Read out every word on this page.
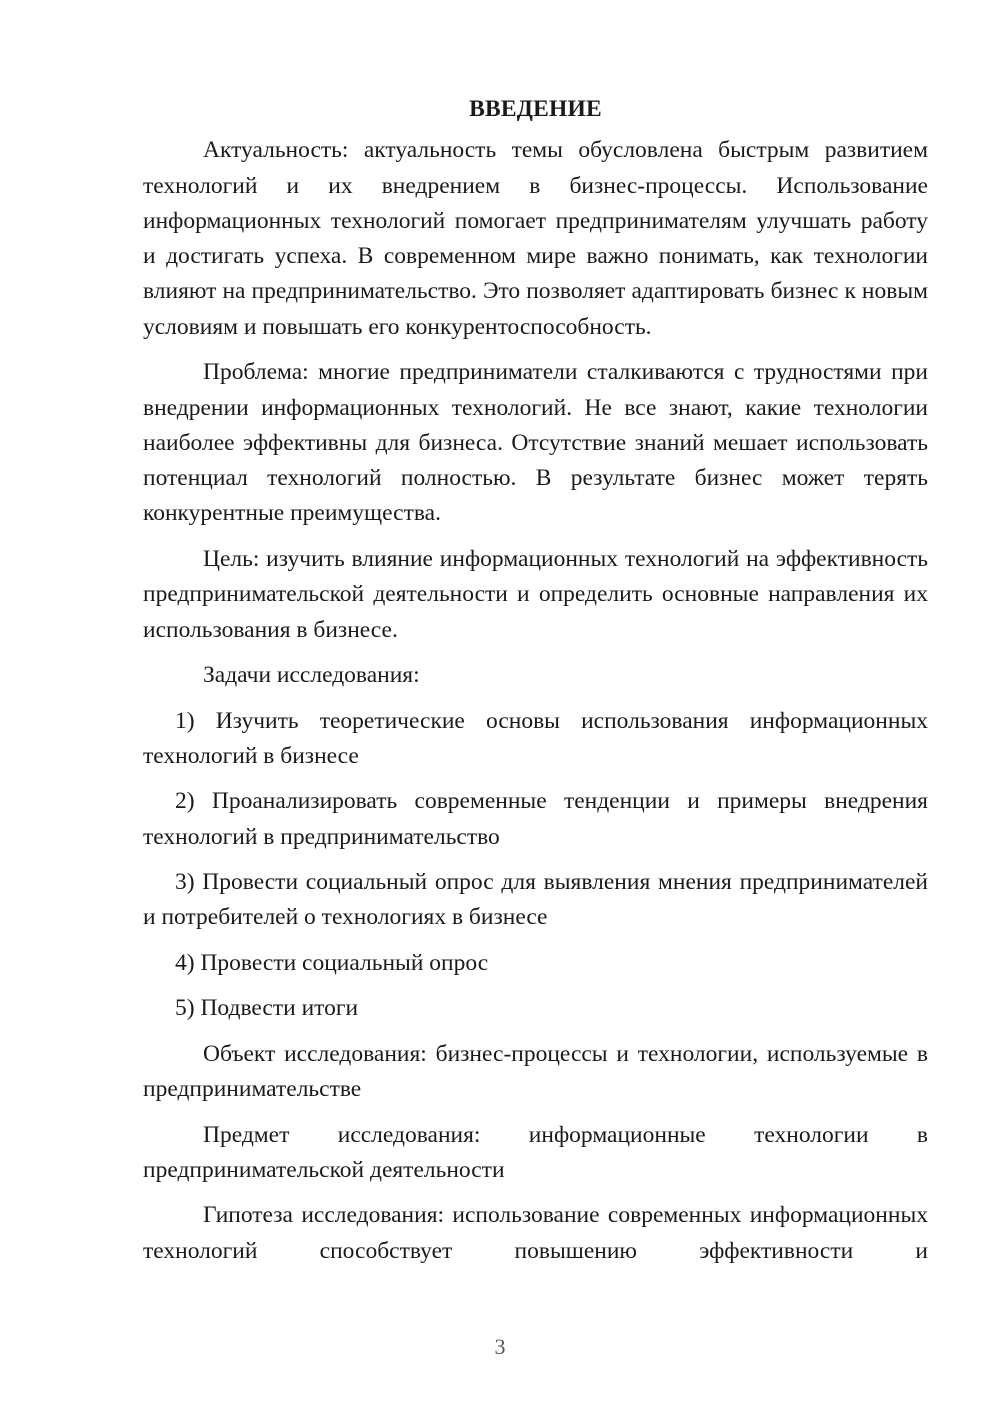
ВВЕДЕНИЕ

Актуальность: актуальность темы обусловлена быстрым развитием технологий и их внедрением в бизнес-процессы. Использование информационных технологий помогает предпринимателям улучшать работу и достигать успеха. В современном мире важно понимать, как технологии влияют на предпринимательство. Это позволяет адаптировать бизнес к новым условиям и повышать его конкурентоспособность.

Проблема: многие предприниматели сталкиваются с трудностями при внедрении информационных технологий. Не все знают, какие технологии наиболее эффективны для бизнеса. Отсутствие знаний мешает использовать потенциал технологий полностью. В результате бизнес может терять конкурентные преимущества.

Цель: изучить влияние информационных технологий на эффективность предпринимательской деятельности и определить основные направления их использования в бизнесе.

Задачи исследования:

1) Изучить теоретические основы использования информационных технологий в бизнесе

2) Проанализировать современные тенденции и примеры внедрения технологий в предпринимательство

3) Провести социальный опрос для выявления мнения предпринимателей и потребителей о технологиях в бизнесе

4) Провести социальный опрос

5) Подвести итоги

Объект исследования: бизнес-процессы и технологии, используемые в предпринимательстве

Предмет исследования: информационные технологии в предпринимательской деятельности

Гипотеза исследования: использование современных информационных технологий способствует повышению эффективности и

3
